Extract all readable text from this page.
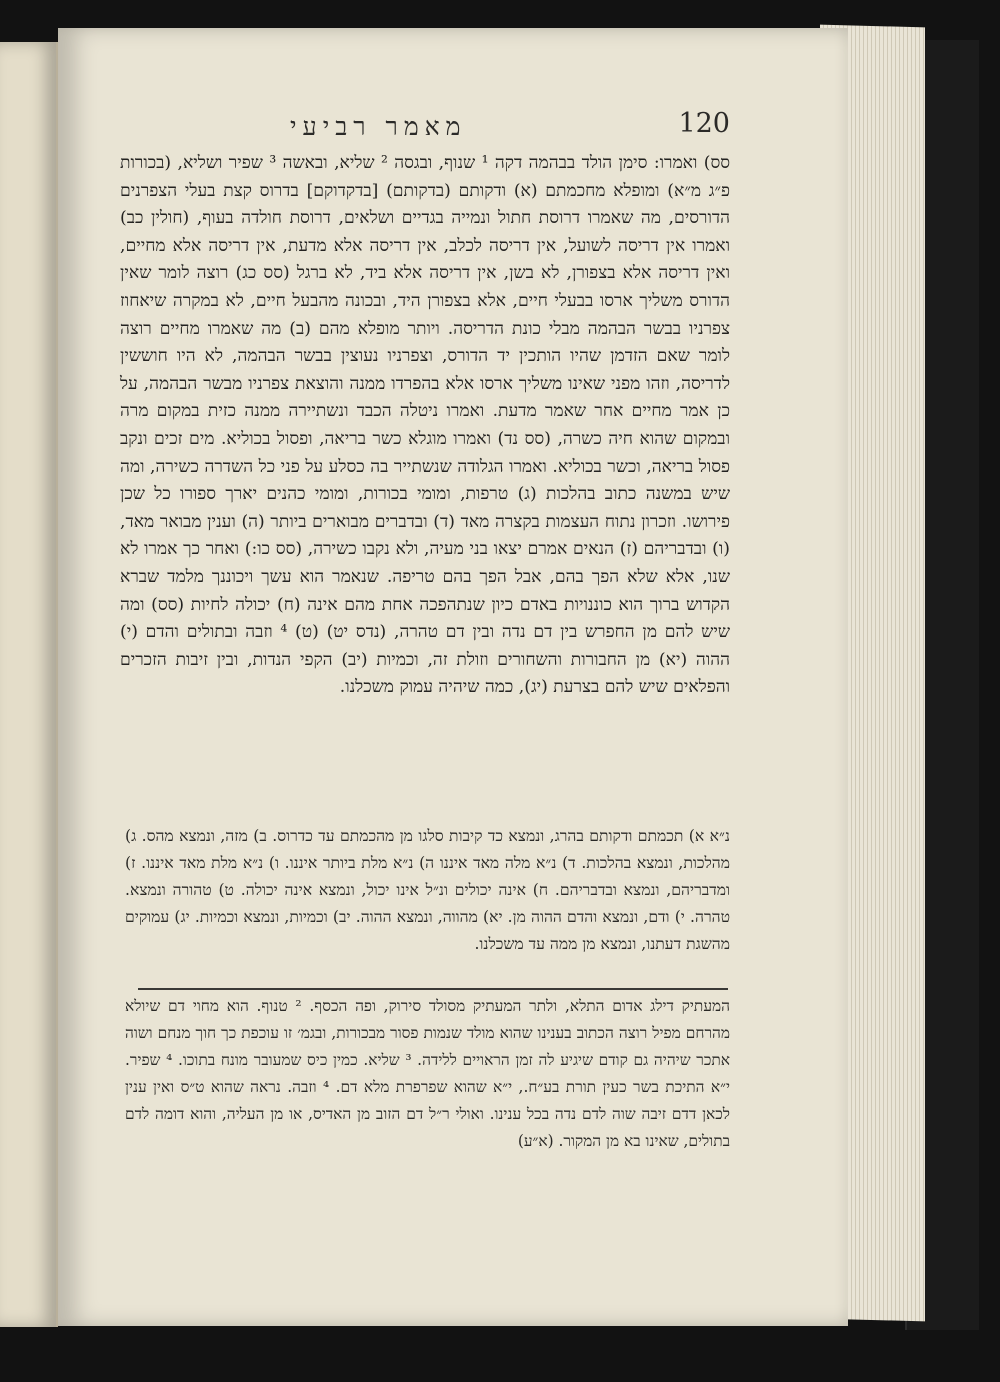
מאמר רביעי	120

סס) ואמרו: סימן הולד בבהמה דקה ¹ שנוף, ובגסה ² שליא, ובאשה ³ שפיר ושליא, (בכורות פ״ג מ״א) ומופלא מחכמתם (א) ודקותם (בדקותם) [בדקדוקם] בדרוס קצת בעלי הצפרנים הדורסים, מה שאמרו דרוסת חתול ונמייה בגדיים ושלאים, דרוסת חולדה בעוף, (חולין כב) ואמרו אין דריסה לשועל, אין דריסה לכלב, אין דריסה אלא מדעת, אין דריסה אלא מחיים, ואין דריסה אלא בצפורן, לא בשן, אין דריסה אלא ביד, לא ברגל (סס כג) רוצה לומר שאין הדורס משליך ארסו בבעלי חיים, אלא בצפורן היד, ובכונה מהבעל חיים, לא במקרה שיאחוז צפרניו בבשר הבהמה מבלי כונת הדריסה. ויותר מופלא מהם (ב) מה שאמרו מחיים רוצה לומר שאם הזדמן שהיו הותכין יד הדורס, וצפרניו נעוצין בבשר הבהמה, לא היו חוששין לדריסה, וזהו מפני שאינו משליך ארסו אלא בהפרדו ממנה והוצאת צפרניו מבשר הבהמה, על כן אמר מחיים אחר שאמר מדעת. ואמרו ניטלה הכבד ונשתיירה ממנה כזית במקום מרה ובמקום שהוא חיה כשרה, (סס נד) ואמרו מוגלא כשר בריאה, ופסול בכוליא. מים זכים ונקב פסול בריאה, וכשר בכוליא. ואמרו הגלודה שנשתייר בה כסלע על פני כל השדרה כשירה, ומה שיש במשנה כתוב בהלכות (ג) טרפות, ומומי בכורות, ומומי כהנים יארך ספורו כל שכן פירושו. וזכרון נתוח העצמות בקצרה מאד (ד) ובדברים מבוארים ביותר (ה) וענין מבואר מאד, (ו) ובדבריהם (ז) הנאים אמרם יצאו בני מעיה, ולא נקבו כשירה, (סס כו:) ואחר כך אמרו לא שנו, אלא שלא הפך בהם, אבל הפך בהם טריפה. שנאמר הוא עשך ויכוננך מלמד שברא הקדוש ברוך הוא כוננויות באדם כיון שנתהפכה אחת מהם אינה (ח) יכולה לחיות (סס) ומה שיש להם מן החפרש בין דם נדה ובין דם טהרה, (נדס יט) (ט) ⁴ וזבה ובתולים והדם (י) ההוה (יא) מן החבורות והשחורים וזולת זה, וכמיות (יב) הקפי הנדות, ובין זיבות הזכרים והפלאים שיש להם בצרעת (יג), כמה שיהיה עמוק משכלנו.

נ״א א) תכמתם ודקותם בהרג, ונמצא כד קיבות סלגו מן מהכמתם עד כדרוס. ב) מזה, ונמצא מהס. ג) מהלכות, ונמצא בהלכות. ד) נ״א מלה מאד איננו ה) נ״א מלת ביותר איננו. ו) נ״א מלת מאד איננו. ז) ומדבריהם, ונמצא ובדבריהם. ח) אינה יכולים ונ״ל אינו יכול, ונמצא אינה יכולה. ט) טהורה ונמצא. טהרה. י) ודם, ונמצא והדם ההוה מן. יא) מהווה, ונמצא ההוה. יב) וכמיות, ונמצא וכמיות. יג) עמוקים מהשגת דעתנו, ונמצא מן ממה עד משכלנו.

המעתיק דילג אדום התלא, ולתר המעתיק מסולד סירוק, ופה הכסף. ² טנוף. הוא מחוי דם שיולא מהרחם מפיל רוצה הכתוב בענינו שהוא מולד שנמות פסור מבכורות, ובגמ׳ זו עוכפת כך חוך מנחם ושוה אתכר שיהיה גם קודם שיגיע לה זמן הראויים ללידה. ³ שליא. כמין כיס שמעובר מונח בתוכו. ⁴ שפיר. י״א התיכת בשר כעין תורת בע״ח., י״א שהוא שפרפרת מלא דם. ⁴ וזבה. נראה שהוא ט״ס ואין ענין לכאן דדם זיבה שוה לדם נדה בכל ענינו. ואולי ר״ל דם הזוב מן האדיס, או מן העליה, והוא דומה לדם בתולים, שאינו בא מן המקור. (א״ע)
